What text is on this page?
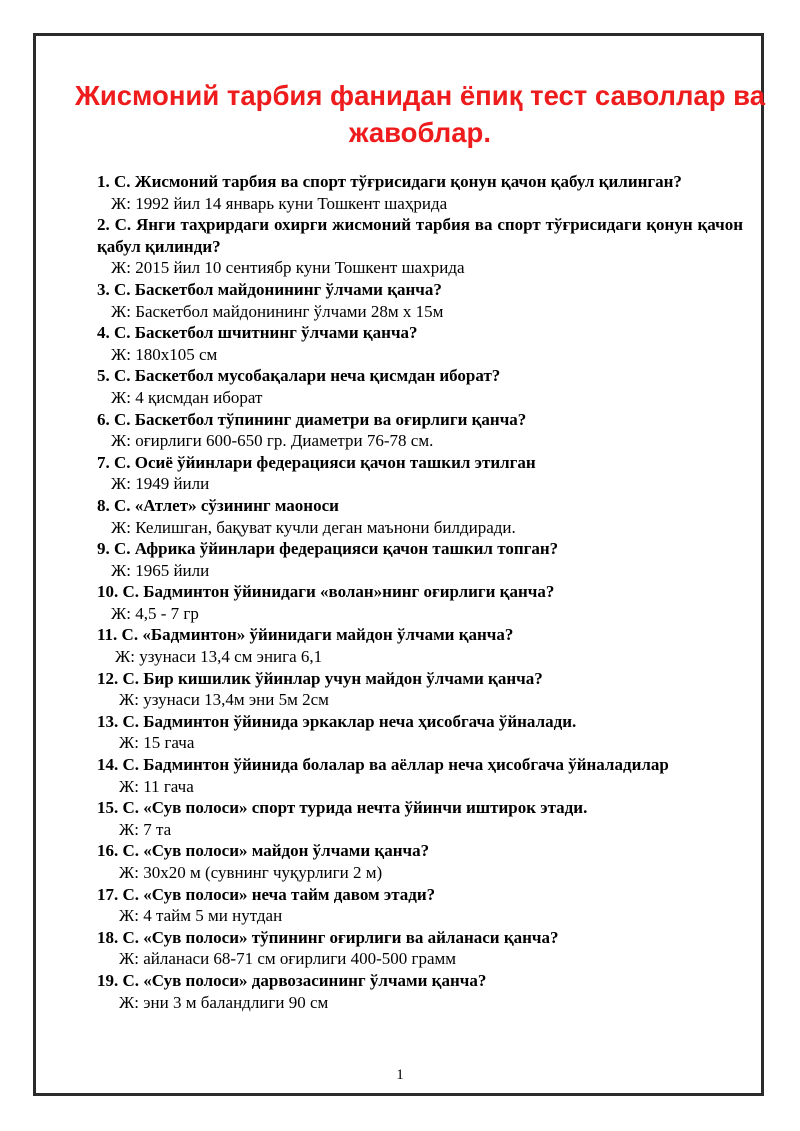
Жисмоний тарбия фанидан ёпиқ тест саволлар ва жавоблар.

1. С. Жисмоний тарбия ва спорт тўғрисидаги қонун қачон қабул қилинган?

Ж: 1992 йил 14 январь куни Тошкент шаҳрида

2. С. Янги таҳрирдаги охирги жисмоний тарбия ва спорт тўғрисидаги қонун қачон    қабул қилинди?

Ж: 2015 йил 10 сентиябр куни Тошкент шахрида

3. С. Баскетбол майдонининг ўлчами қанча?

Ж: Баскетбол майдонининг ўлчами 28м х 15м

4. С. Баскетбол шчитнинг ўлчами қанча?

Ж: 180х105 см

5. С. Баскетбол мусобақалари неча қисмдан иборат?

Ж: 4 қисмдан иборат

6. С. Баскетбол тўпининг диаметри ва оғирлиги қанча?

Ж: оғирлиги 600-650 гр. Диаметри 76-78 см.

7. С. Осиё ўйинлари федерацияси қачон ташкил этилган

Ж: 1949 йили

8. С. «Атлет» сўзининг маоноси

Ж: Келишган, бақуват кучли деган маънони билдиради.

9. С. Африка ўйинлари федерацияси қачон ташкил топган?

Ж: 1965 йили

10. С. Бадминтон ўйинидаги «волан»нинг оғирлиги қанча?

Ж: 4,5 - 7 гр

11. С. «Бадминтон» ўйинидаги майдон ўлчами қанча?

Ж: узунаси 13,4 см энига 6,1

12. С. Бир кишилик ўйинлар учун майдон ўлчами қанча?

Ж: узунаси 13,4м эни 5м 2см

13. С. Бадминтон ўйинида эркаклар неча ҳисобгача ўйналади.

Ж: 15 гача

14. С. Бадминтон ўйинида болалар ва аёллар неча ҳисобгача ўйналадилар

Ж: 11 гача

15. С. «Сув полоси» спорт турида нечта ўйинчи иштирок этади.

Ж: 7 та

16. С. «Сув полоси» майдон ўлчами қанча?

Ж: 30х20 м (сувнинг чуқурлиги 2 м)

17. С. «Сув полоси» неча тайм давом этади?

Ж: 4 тайм 5 ми нутдан

18. С. «Сув полоси» тўпининг оғирлиги ва айланаси қанча?

Ж: айланаси 68-71 см оғирлиги 400-500 грамм

19. С. «Сув полоси» дарвозасининг ўлчами қанча?

Ж: эни 3 м баландлиги 90 см

1
